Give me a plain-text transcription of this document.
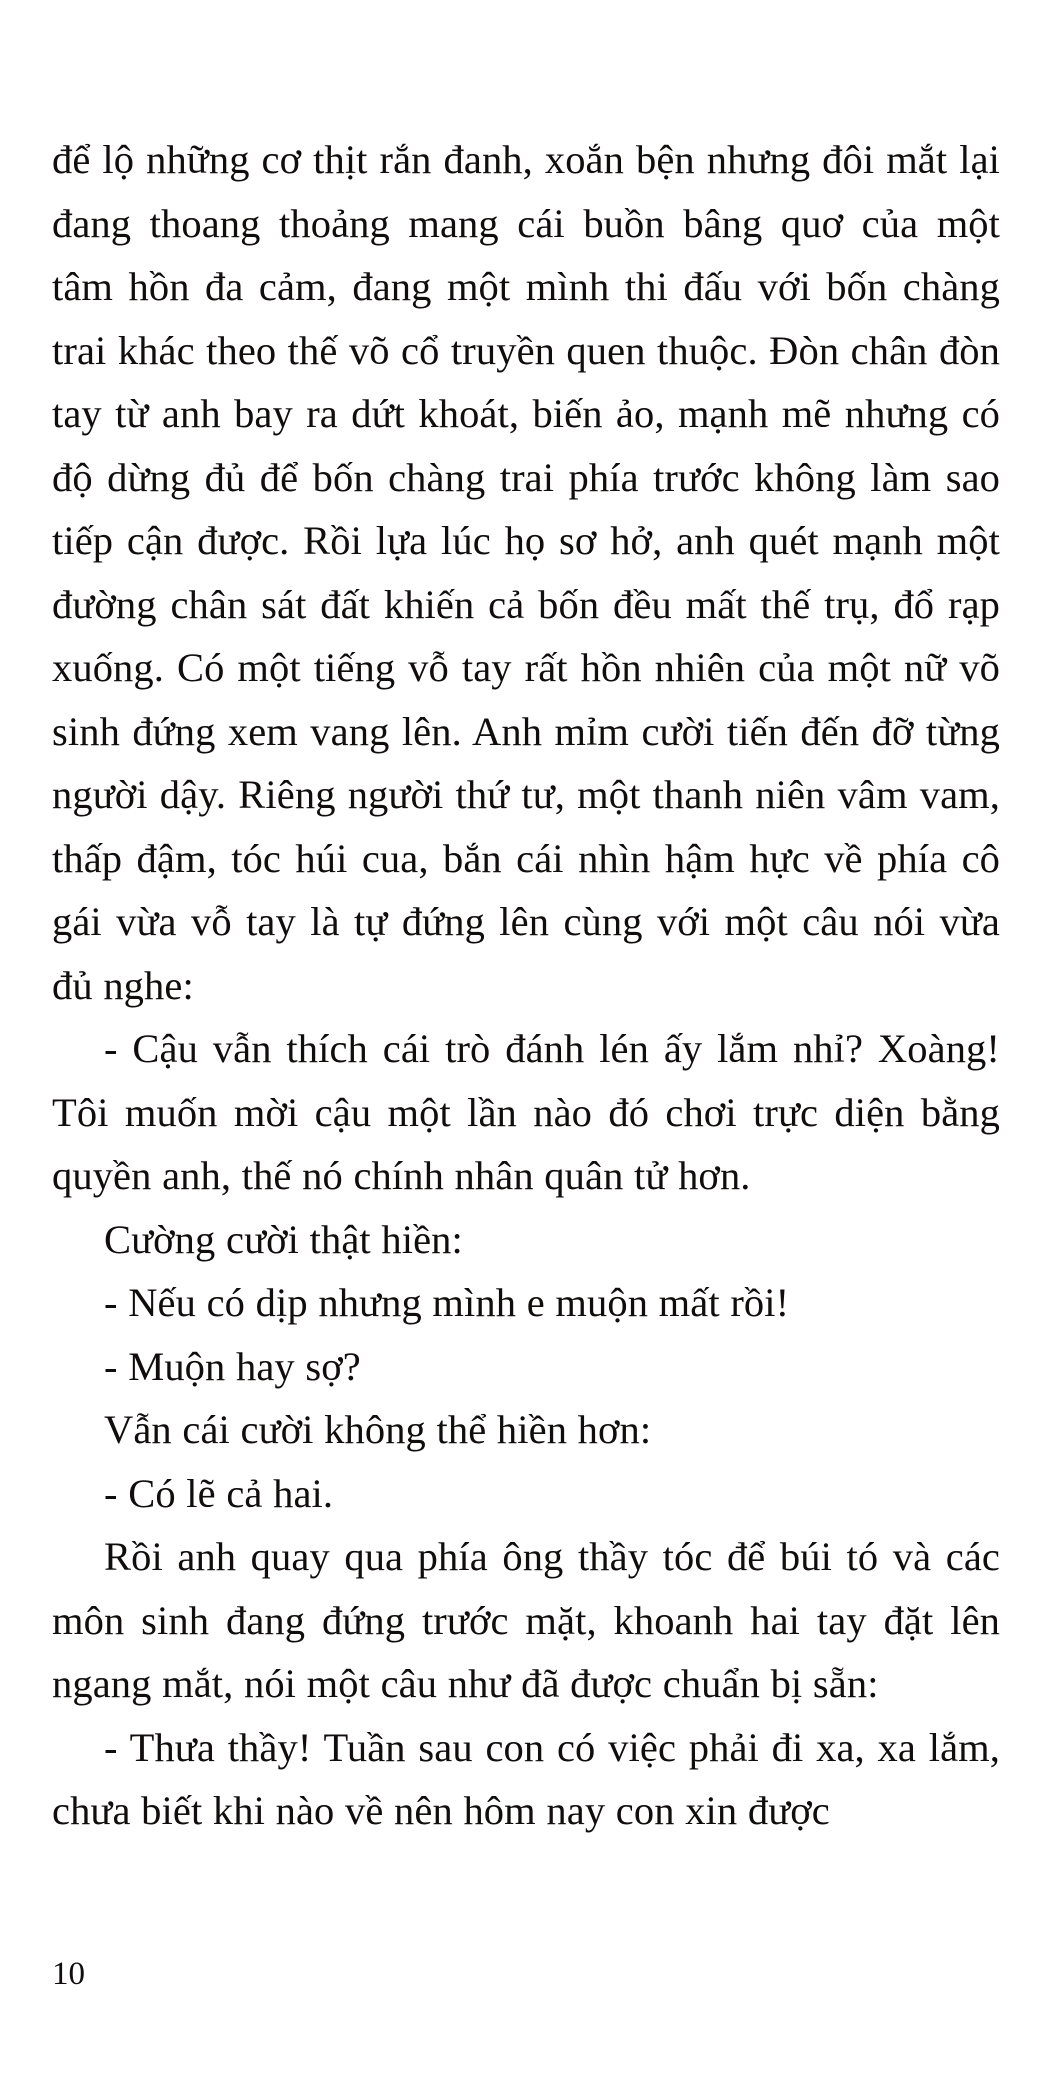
để lộ những cơ thịt rắn đanh, xoắn bện nhưng đôi mắt lại đang thoang thoảng mang cái buồn bâng quơ của một tâm hồn đa cảm, đang một mình thi đấu với bốn chàng trai khác theo thế võ cổ truyền quen thuộc. Đòn chân đòn tay từ anh bay ra dứt khoát, biến ảo, mạnh mẽ nhưng có độ dừng đủ để bốn chàng trai phía trước không làm sao tiếp cận được. Rồi lựa lúc họ sơ hở, anh quét mạnh một đường chân sát đất khiến cả bốn đều mất thế trụ, đổ rạp xuống. Có một tiếng vỗ tay rất hồn nhiên của một nữ võ sinh đứng xem vang lên. Anh mỉm cười tiến đến đỡ từng người dậy. Riêng người thứ tư, một thanh niên vâm vam, thấp đậm, tóc húi cua, bắn cái nhìn hậm hực về phía cô gái vừa vỗ tay là tự đứng lên cùng với một câu nói vừa đủ nghe:

- Cậu vẫn thích cái trò đánh lén ấy lắm nhỉ? Xoàng! Tôi muốn mời cậu một lần nào đó chơi trực diện bằng quyền anh, thế nó chính nhân quân tử hơn.

Cường cười thật hiền:

- Nếu có dịp nhưng mình e muộn mất rồi!

- Muộn hay sợ?

Vẫn cái cười không thể hiền hơn:

- Có lẽ cả hai.

Rồi anh quay qua phía ông thầy tóc để búi tó và các môn sinh đang đứng trước mặt, khoanh hai tay đặt lên ngang mắt, nói một câu như đã được chuẩn bị sẵn:

- Thưa thầy! Tuần sau con có việc phải đi xa, xa lắm, chưa biết khi nào về nên hôm nay con xin được

10
